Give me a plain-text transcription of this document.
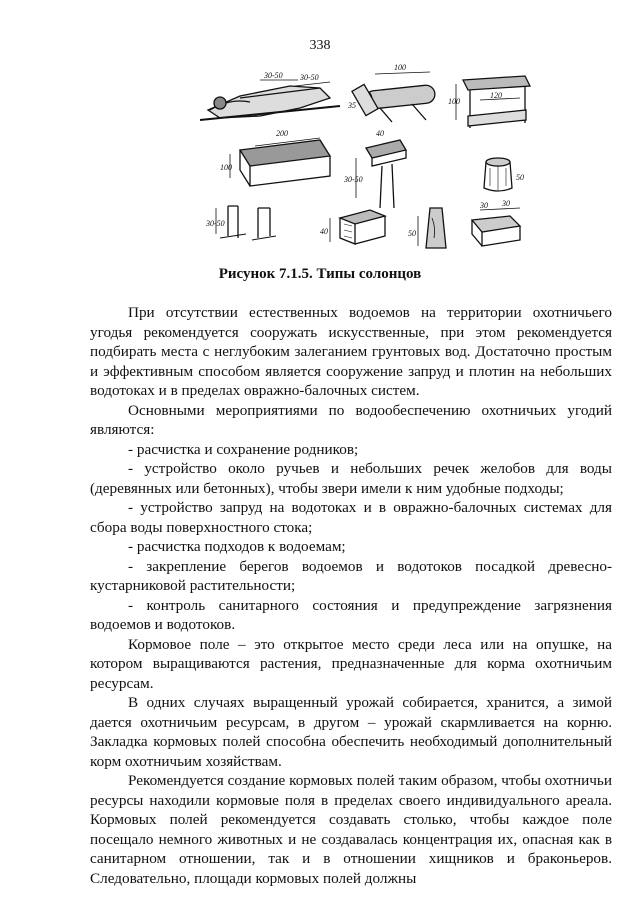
338
30-50 30-50
100
120
35	100
200
100
40
30-50	50
30-50
40	50
30 30
Рисунок 7.1.5. Типы солонцов

При отсутствии естественных водоемов на территории охотничьего угодья рекомендуется сооружать искусственные, при этом рекомендуется подбирать места с неглубоким залеганием грунтовых вод. Достаточно простым и эффективным способом является сооружение запруд и плотин на небольших водотоках и в пределах овражно-балочных систем.

Основными мероприятиями по водообеспечению охотничьих угодий являются:

- расчистка и сохранение родников;

- устройство около ручьев и небольших речек желобов для воды (деревянных или бетонных), чтобы звери имели к ним удобные подходы;

- устройство запруд на водотоках и в овражно-балочных системах для сбора воды поверхностного стока;

- расчистка подходов к водоемам;

- закрепление берегов водоемов и водотоков посадкой древесно-кустарниковой растительности;

- контроль санитарного состояния и предупреждение загрязнения водоемов и водотоков.

Кормовое поле – это открытое место среди леса или на опушке, на котором выращиваются растения, предназначенные для корма охотничьим ресурсам.

В одних случаях выращенный урожай собирается, хранится, а зимой дается охотничьим ресурсам, в другом – урожай скармливается на корню. Закладка кормовых полей способна обеспечить необходимый дополнительный корм охотничьим хозяйствам.

Рекомендуется создание кормовых полей таким образом, чтобы охотничьи ресурсы находили кормовые поля в пределах своего индивидуального ареала. Кормовых полей рекомендуется создавать столько, чтобы каждое поле посещало немного животных и не создавалась концентрация их, опасная как в санитарном отношении, так и в отношении хищников и браконьеров. Следовательно, площади кормовых полей должны
